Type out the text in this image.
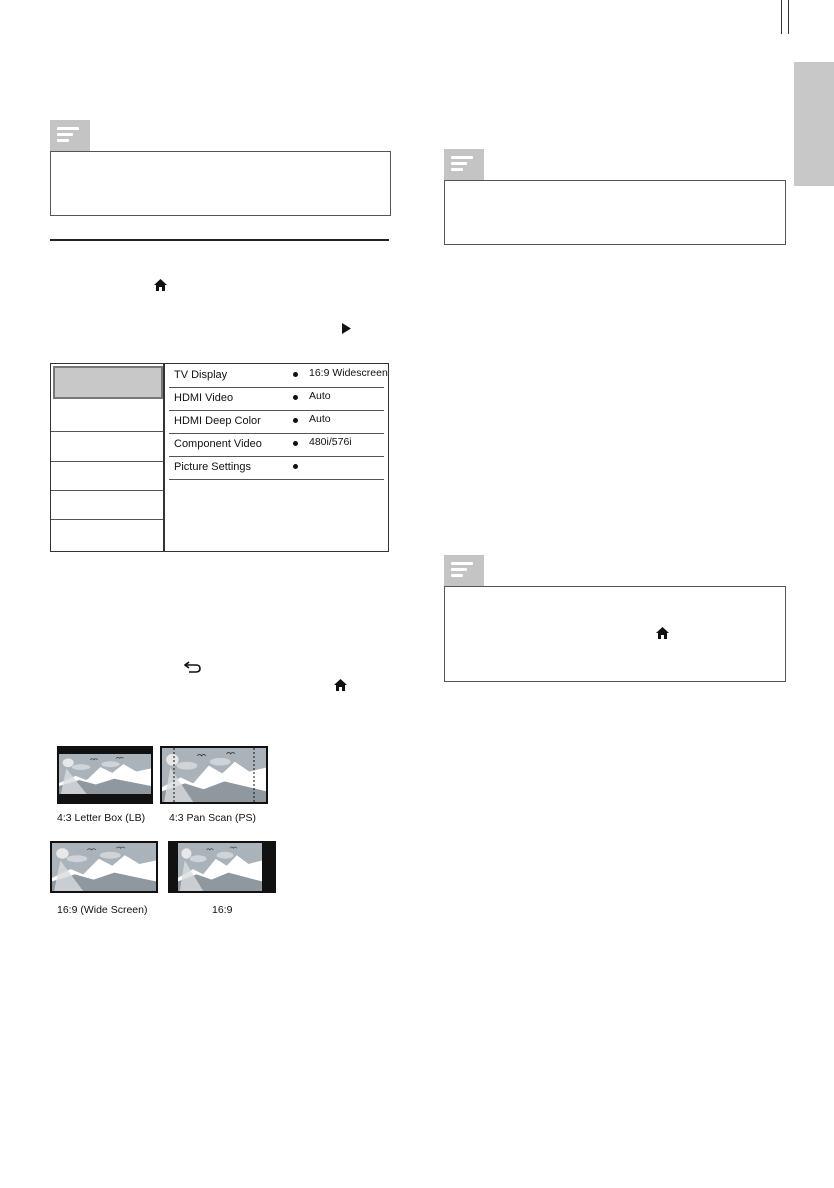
TV Display	16:9 Widescreen
HDMI Video	Auto
HDMI Deep Color	Auto
Component Video	480i/576i
Picture Settings
4:3 Letter Box (LB) 4:3 Pan Scan (PS)
16:9 (Wide Screen)	16:9
